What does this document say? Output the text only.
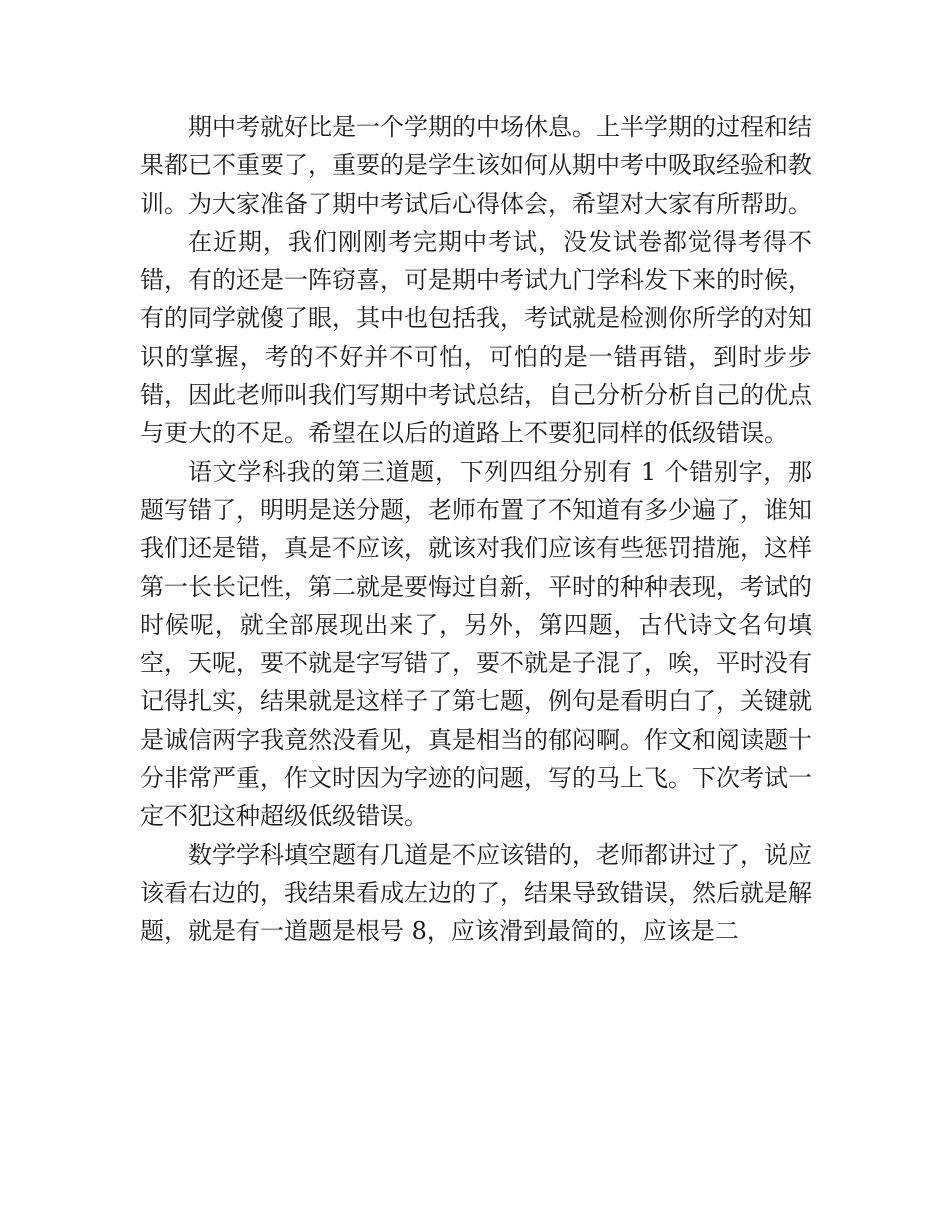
期中考就好比是一个学期的中场休息。上半学期的过程和结果都已不重要了，重要的是学生该如何从期中考中吸取经验和教训。为大家准备了期中考试后心得体会，希望对大家有所帮助。

在近期，我们刚刚考完期中考试，没发试卷都觉得考得不错，有的还是一阵窃喜，可是期中考试九门学科发下来的时候，有的同学就傻了眼，其中也包括我，考试就是检测你所学的对知识的掌握，考的不好并不可怕，可怕的是一错再错，到时步步错，因此老师叫我们写期中考试总结，自己分析分析自己的优点与更大的不足。希望在以后的道路上不要犯同样的低级错误。

语文学科我的第三道题，下列四组分别有 1 个错别字，那题写错了，明明是送分题，老师布置了不知道有多少遍了，谁知我们还是错，真是不应该，就该对我们应该有些惩罚措施，这样第一长长记性，第二就是要悔过自新，平时的种种表现，考试的时候呢，就全部展现出来了，另外，第四题，古代诗文名句填空，天呢，要不就是字写错了，要不就是子混了，唉，平时没有记得扎实，结果就是这样子了第七题，例句是看明白了，关键就是诚信两字我竟然没看见，真是相当的郁闷啊。作文和阅读题十分非常严重，作文时因为字迹的问题，写的马上飞。下次考试一定不犯这种超级低级错误。

数学学科填空题有几道是不应该错的，老师都讲过了，说应该看右边的，我结果看成左边的了，结果导致错误，然后就是解题，就是有一道题是根号 8，应该滑到最简的，应该是二
